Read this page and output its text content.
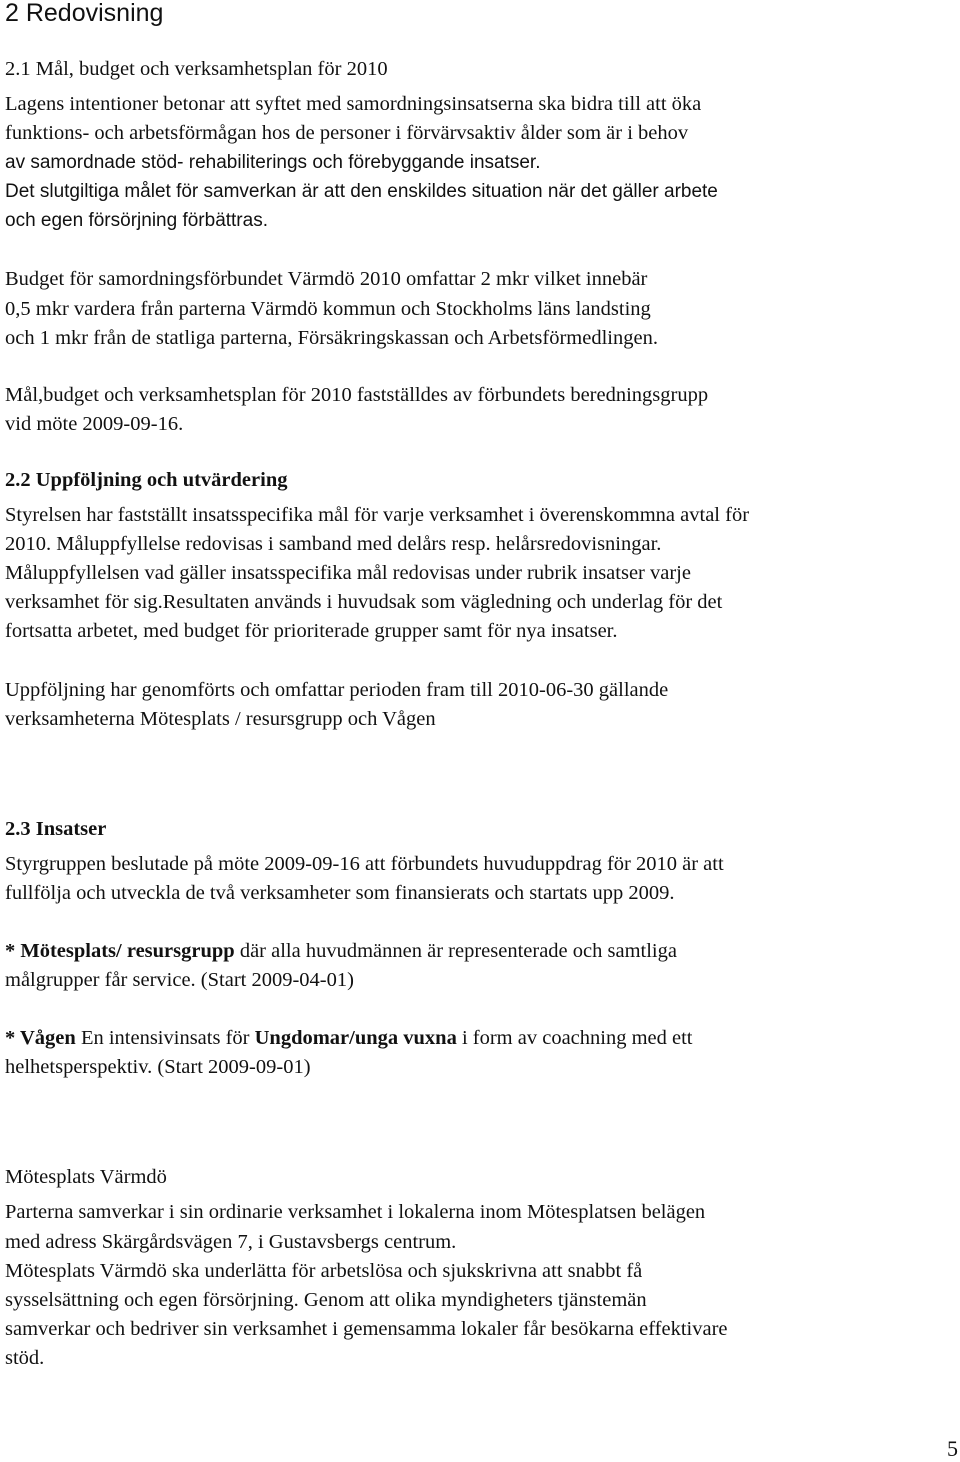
2 Redovisning
2.1 Mål, budget och verksamhetsplan för 2010
Lagens intentioner betonar att syftet med samordningsinsatserna ska bidra till att öka
funktions- och arbetsförmågan hos de personer i förvärvsaktiv ålder som är i behov
av samordnade stöd- rehabiliterings och förebyggande insatser.
Det slutgiltiga målet för samverkan är att den enskildes situation när det gäller arbete
och egen försörjning förbättras.
Budget för samordningsförbundet Värmdö 2010 omfattar 2 mkr vilket innebär
0,5 mkr vardera från parterna Värmdö kommun och Stockholms läns landsting
och 1 mkr från de statliga parterna, Försäkringskassan och Arbetsförmedlingen.
Mål,budget och verksamhetsplan för 2010 fastställdes av förbundets beredningsgrupp
vid möte 2009-09-16.
2.2 Uppföljning och utvärdering
Styrelsen har fastställt insatsspecifika mål för varje verksamhet i överenskommna avtal för
2010. Måluppfyllelse redovisas i samband med delårs resp. helårsredovisningar.
Måluppfyllelsen vad gäller insatsspecifika mål redovisas under rubrik insatser varje
verksamhet för sig.Resultaten används i huvudsak som vägledning och underlag för det
fortsatta arbetet, med budget för prioriterade grupper samt för nya insatser.
Uppföljning har genomförts och omfattar perioden fram till 2010-06-30 gällande
verksamheterna Mötesplats / resursgrupp och Vågen
2.3 Insatser
Styrgruppen beslutade på möte 2009-09-16 att förbundets huvuduppdrag för 2010 är att
fullfölja och utveckla de två verksamheter som finansierats och startats upp 2009.
* Mötesplats/ resursgrupp där alla huvudmännen är representerade och samtliga
målgrupper får service. (Start 2009-04-01)
* Vågen En intensivinsats för Ungdomar/unga vuxna i form av coachning med ett
helhetsperspektiv. (Start 2009-09-01)
Mötesplats Värmdö
Parterna samverkar i sin ordinarie verksamhet i lokalerna inom Mötesplatsen belägen
med adress Skärgårdsvägen 7, i Gustavsbergs centrum.
Mötesplats Värmdö ska underlätta för arbetslösa och sjukskrivna att snabbt få
sysselsättning och egen försörjning. Genom att olika myndigheters tjänstemän
samverkar och bedriver sin verksamhet i gemensamma lokaler får besökarna effektivare
stöd.
5
